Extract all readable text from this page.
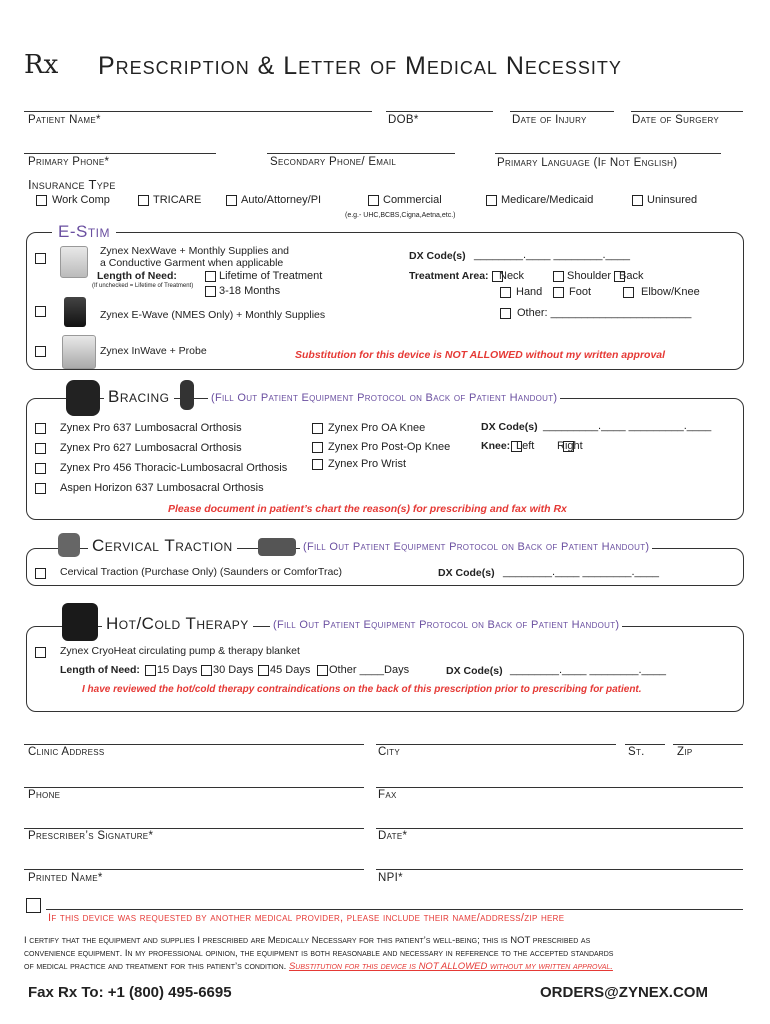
Rx Prescription & Letter of Medical Necessity
Patient Name*	DOB*	Date of Injury	Date of Surgery
Primary Phone*	Secondary Phone/ Email	Primary Language (If Not English)
Insurance Type
Work Comp	TRICARE	Auto/Attorney/PI	Commercial	Medicare/Medicaid	Uninsured
(e.g.- UHC,BCBS,Cigna,Aetna,etc.)
E-Stim
Zynex NexWave + Monthly Supplies and
a Conductive Garment when applicable
Length of Need:
(If unchecked = Lifetime of Treatment)
Lifetime of Treatment
3-18 Months
DX Code(s) ________.____ ________.____
Treatment Area: Neck	Shoulder Back
Hand Foot	Elbow/Knee
Other: _______________________
Zynex E-Wave (NMES Only) + Monthly Supplies
Zynex InWave + Probe	Substitution for this device is NOT ALLOWED without my written approval
Bracing	(Fill Out Patient Equipment Protocol on Back of Patient Handout)
Zynex Pro 637 Lumbosacral Orthosis
Zynex Pro 627 Lumbosacral Orthosis
Zynex Pro 456 Thoracic-Lumbosacral Orthosis
Aspen Horizon 637 Lumbosacral Orthosis
Zynex Pro OA Knee
Zynex Pro Post-Op Knee
Zynex Pro Wrist
DX Code(s) _________.____ _________.____
Knee: Left Right
Please document in patient’s chart the reason(s) for prescribing and fax with Rx
Cervical Traction	(Fill Out Patient Equipment Protocol on Back of Patient Handout)
Cervical Traction (Purchase Only) (Saunders or ComforTrac)	DX Code(s) ________.____ ________.____
Hot/Cold Therapy	(Fill Out Patient Equipment Protocol on Back of Patient Handout)
Zynex CryoHeat circulating pump & therapy blanket
Length of Need: 15 Days 30 Days 45 Days Other ____Days	DX Code(s) ________.____ ________.____
I have reviewed the hot/cold therapy contraindications on the back of this prescription prior to prescribing for patient.
Clinic Address	City	St.	Zip
Phone	Fax
Prescriber’s Signature*	Date*
Printed Name*	NPI*
If this device was requested by another medical provider, please include their name/address/zip here
I certify that the equipment and supplies I prescribed are Medically Necessary for this patient’s well-being; this is NOT prescribed as
convenience equipment. In my professional opinion, the equipment is both reasonable and necessary in reference to the accepted standards
of medical practice and treatment for this patient’s condition. Substitution for this device is NOT ALLOWED without my written approval.
Fax Rx To: +1 (800) 495-6695	ORDERS@ZYNEX.COM
